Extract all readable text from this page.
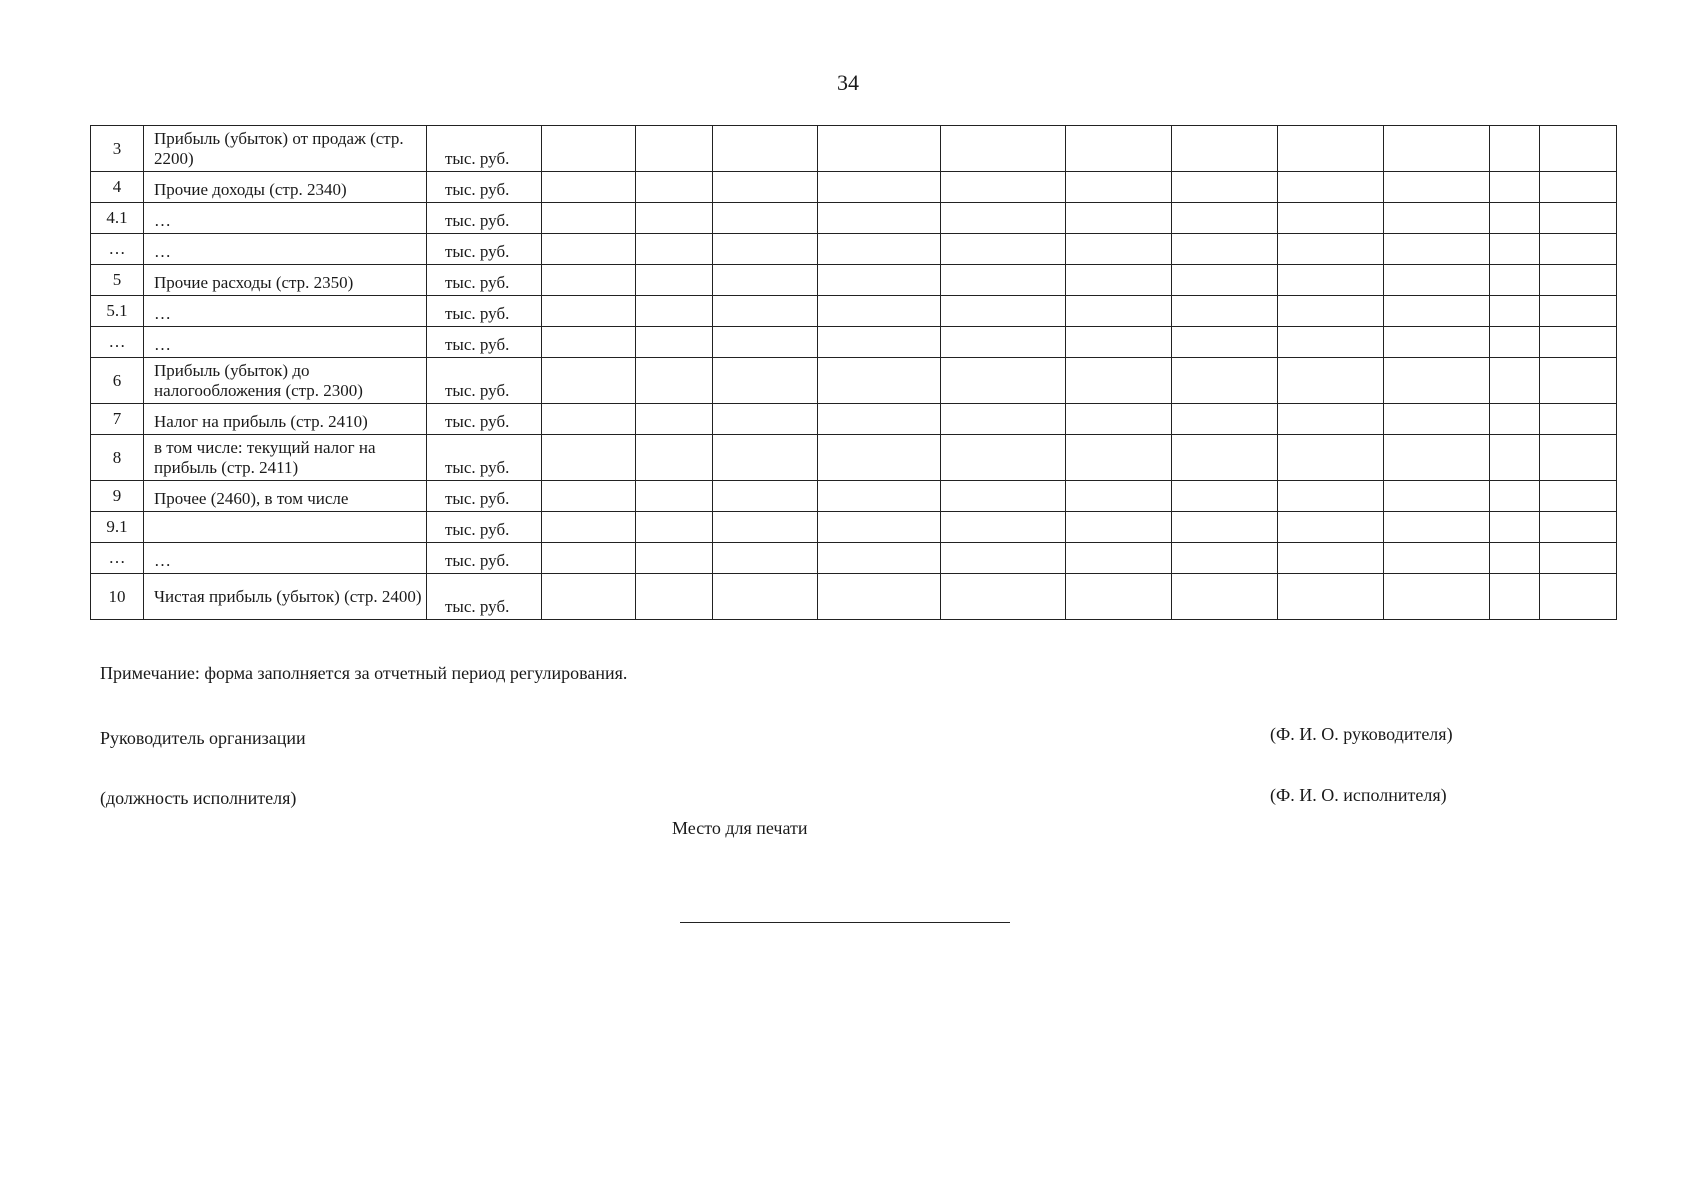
34
3	Прибыль (убыток) от продаж (стр. 2200)	тыс. руб.											
4	Прочие доходы (стр. 2340)	тыс. руб.											
4.1	…	тыс. руб.											
…	…	тыс. руб.											
5	Прочие расходы (стр. 2350)	тыс. руб.											
5.1	…	тыс. руб.											
…	…	тыс. руб.											
6	Прибыль (убыток) до налогообложения (стр. 2300)	тыс. руб.											
7	Налог на прибыль (стр. 2410)	тыс. руб.											
8	в том числе: текущий налог на прибыль (стр. 2411)	тыс. руб.											
9	Прочее (2460), в том числе	тыс. руб.											
9.1		тыс. руб.											
…	…	тыс. руб.											
10	Чистая прибыль (убыток) (стр. 2400)	тыс. руб.											
Примечание: форма заполняется за отчетный период регулирования.
Руководитель организации	(Ф. И. О. руководителя)
(должность исполнителя)	(Ф. И. О. исполнителя)
Место для печати
